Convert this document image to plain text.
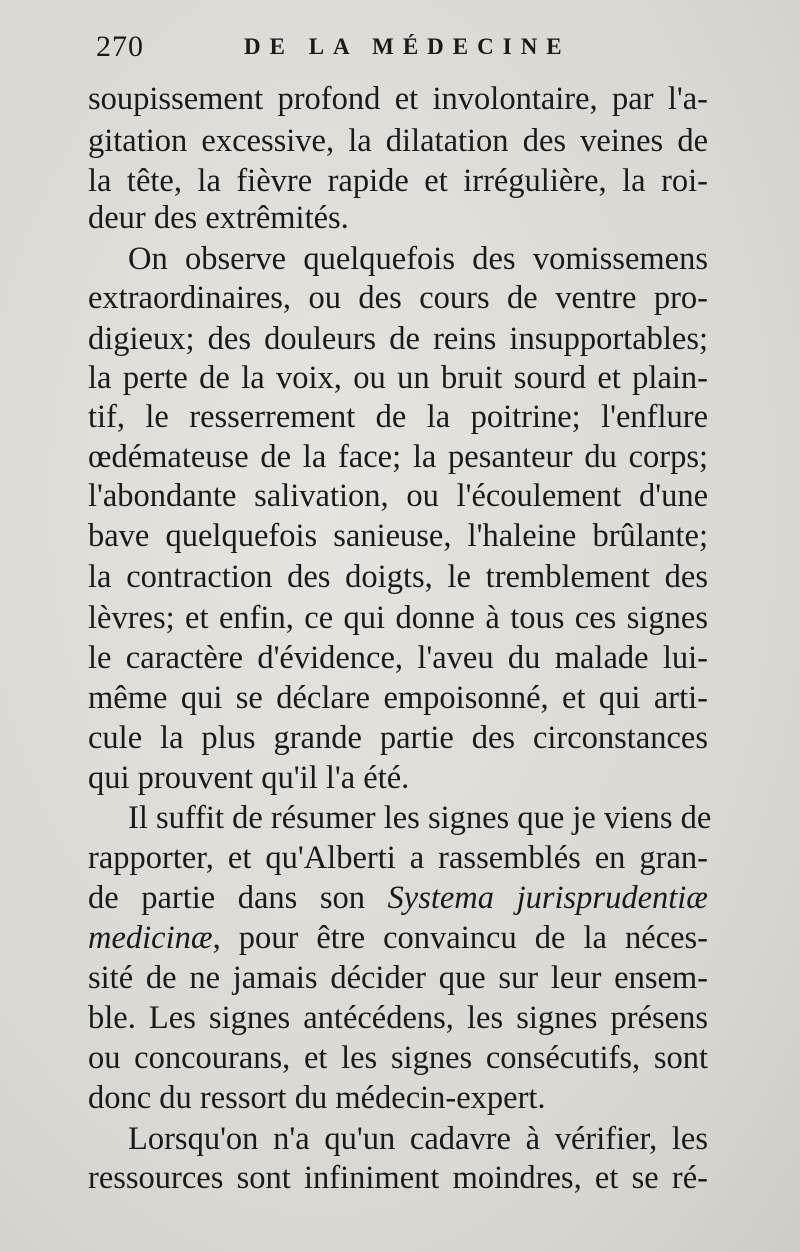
270	DE LA MÉDECINE
soupissement profond et involontaire, par l'a-
gitation excessive, la dilatation des veines de
la tête, la fièvre rapide et irrégulière, la roi-
deur des extrêmités.
On observe quelquefois des vomissemens
extraordinaires, ou des cours de ventre pro-
digieux; des douleurs de reins insupportables;
la perte de la voix, ou un bruit sourd et plain-
tif, le resserrement de la poitrine; l'enflure
œdémateuse de la face; la pesanteur du corps;
l'abondante salivation, ou l'écoulement d'une
bave quelquefois sanieuse, l'haleine brûlante;
la contraction des doigts, le tremblement des
lèvres; et enfin, ce qui donne à tous ces signes
le caractère d'évidence, l'aveu du malade lui-
même qui se déclare empoisonné, et qui arti-
cule la plus grande partie des circonstances
qui prouvent qu'il l'a été.
Il suffit de résumer les signes que je viens de
rapporter, et qu'Alberti a rassemblés en gran-
de partie dans son Systema jurisprudentiæ
medicinæ, pour être convaincu de la néces-
sité de ne jamais décider que sur leur ensem-
ble. Les signes antécédens, les signes présens
ou concourans, et les signes consécutifs, sont
donc du ressort du médecin-expert.
Lorsqu'on n'a qu'un cadavre à vérifier, les
ressources sont infiniment moindres, et se ré-
